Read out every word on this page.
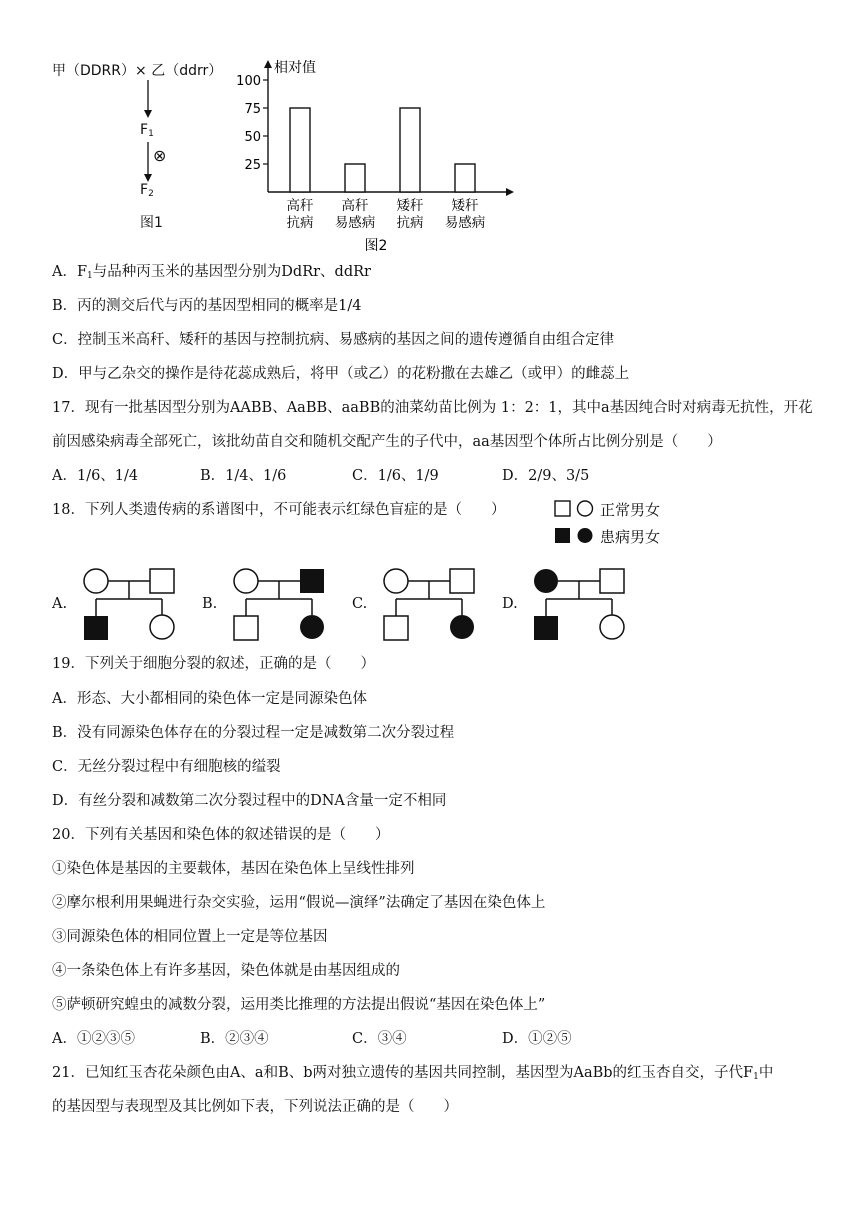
甲（DDRR）× 乙（ddrr）
$F_1$
⊗
$F_2$
图1
相对值
25
50
75
100
高秆
抗病
高秆
易感病
矮秆
抗病
矮秆
易感病
图2
A．$F_1$与品种丙玉米的基因型分别为DdRr、ddRr
B．丙的测交后代与丙的基因型相同的概率是1/4
C．控制玉米高秆、矮秆的基因与控制抗病、易感病的基因之间的遗传遵循自由组合定律
D．甲与乙杂交的操作是待花蕊成熟后，将甲（或乙）的花粉撒在去雄乙（或甲）的雌蕊上
17．现有一批基因型分别为AABB、AaBB、aaBB的油菜幼苗比例为 1：2：1，其中a基因纯合时对病毒无抗性，开花
前因感染病毒全部死亡，该批幼苗自交和随机交配产生的子代中，aa基因型个体所占比例分别是（　　）
A．1/6、1/4	B．1/4、1/6	C．1/6、1/9	D．2/9、3/5
18．下列人类遗传病的系谱图中，不可能表示红绿色盲症的是（　　）	正常男女
患病男女
A.	B.	C.	D.
19．下列关于细胞分裂的叙述，正确的是（　　）
A．形态、大小都相同的染色体一定是同源染色体
B．没有同源染色体存在的分裂过程一定是减数第二次分裂过程
C．无丝分裂过程中有细胞核的缢裂
D．有丝分裂和减数第二次分裂过程中的DNA含量一定不相同
20．下列有关基因和染色体的叙述错误的是（　　）
①染色体是基因的主要载体，基因在染色体上呈线性排列
②摩尔根利用果蝇进行杂交实验，运用“假说—演绎”法确定了基因在染色体上
③同源染色体的相同位置上一定是等位基因
④一条染色体上有许多基因，染色体就是由基因组成的
⑤萨顿研究蝗虫的减数分裂，运用类比推理的方法提出假说“基因在染色体上”
A．①②③⑤	B．②③④	C．③④	D．①②⑤
21．已知红玉杏花朵颜色由A、a和B、b两对独立遗传的基因共同控制，基因型为AaBb的红玉杏自交，子代$F_1$中
的基因型与表现型及其比例如下表，下列说法正确的是（　　）
